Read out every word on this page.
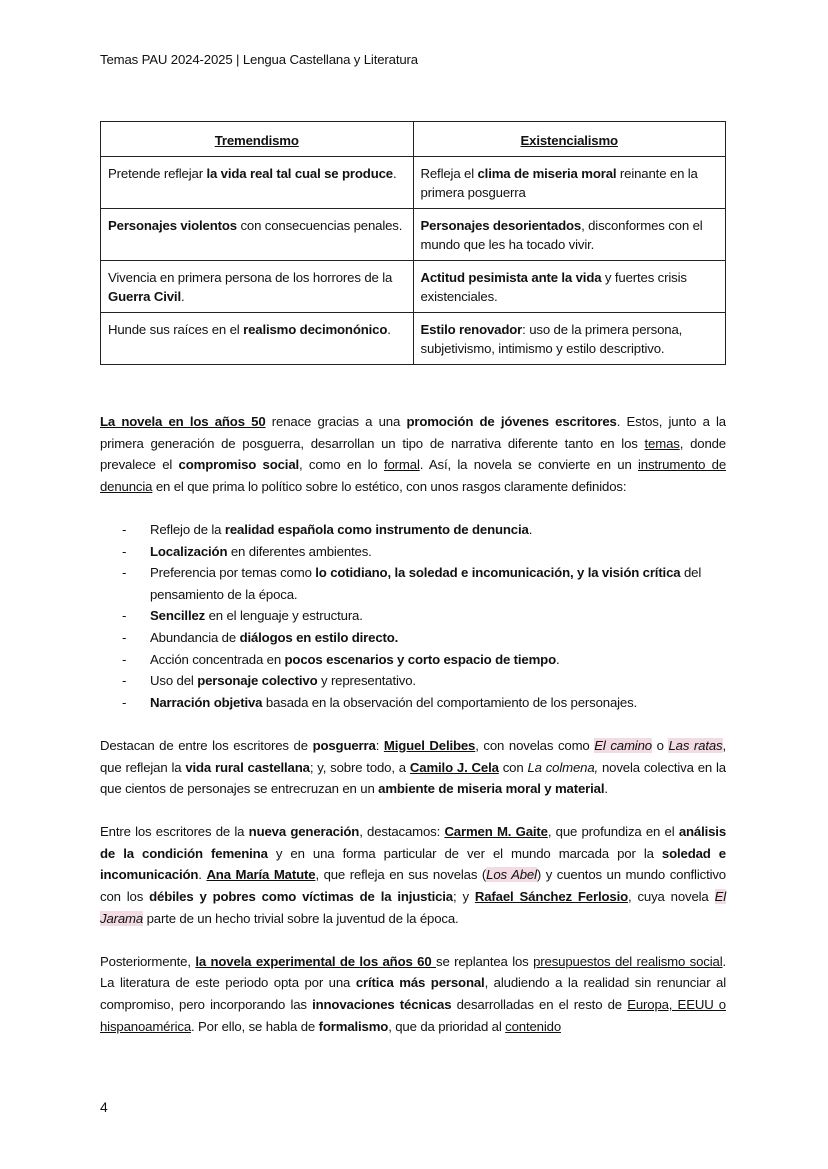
Temas PAU 2024-2025 | Lengua Castellana y Literatura
Tremendismo	Existencialismo
Pretende reflejar la vida real tal cual se produce.	Refleja el clima de miseria moral reinante en la primera posguerra
Personajes violentos con consecuencias penales.	Personajes desorientados, disconformes con el mundo que les ha tocado vivir.
Vivencia en primera persona de los horrores de la Guerra Civil.	Actitud pesimista ante la vida y fuertes crisis existenciales.
Hunde sus raíces en el realismo decimonónico.	Estilo renovador: uso de la primera persona, subjetivismo, intimismo y estilo descriptivo.

La novela en los años 50 renace gracias a una promoción de jóvenes escritores. Estos, junto a la primera generación de posguerra, desarrollan un tipo de narrativa diferente tanto en los temas, donde prevalece el compromiso social, como en lo formal. Así, la novela se convierte en un instrumento de denuncia en el que prima lo político sobre lo estético, con unos rasgos claramente definidos:

- Reflejo de la realidad española como instrumento de denuncia.
- Localización en diferentes ambientes.
- Preferencia por temas como lo cotidiano, la soledad e incomunicación, y la visión crítica del pensamiento de la época.
- Sencillez en el lenguaje y estructura.
- Abundancia de diálogos en estilo directo.
- Acción concentrada en pocos escenarios y corto espacio de tiempo.
- Uso del personaje colectivo y representativo.
- Narración objetiva basada en la observación del comportamiento de los personajes.

Destacan de entre los escritores de posguerra: Miguel Delibes, con novelas como El camino o Las ratas, que reflejan la vida rural castellana; y, sobre todo, a Camilo J. Cela con La colmena, novela colectiva en la que cientos de personajes se entrecruzan en un ambiente de miseria moral y material.

Entre los escritores de la nueva generación, destacamos: Carmen M. Gaite, que profundiza en el análisis de la condición femenina y en una forma particular de ver el mundo marcada por la soledad e incomunicación. Ana María Matute, que refleja en sus novelas (Los Abel) y cuentos un mundo conflictivo con los débiles y pobres como víctimas de la injusticia; y Rafael Sánchez Ferlosio, cuya novela El Jarama parte de un hecho trivial sobre la juventud de la época.

Posteriormente, la novela experimental de los años 60 se replantea los presupuestos del realismo social. La literatura de este periodo opta por una crítica más personal, aludiendo a la realidad sin renunciar al compromiso, pero incorporando las innovaciones técnicas desarrolladas en el resto de Europa, EEUU o hispanoamérica. Por ello, se habla de formalismo, que da prioridad al contenido

4
